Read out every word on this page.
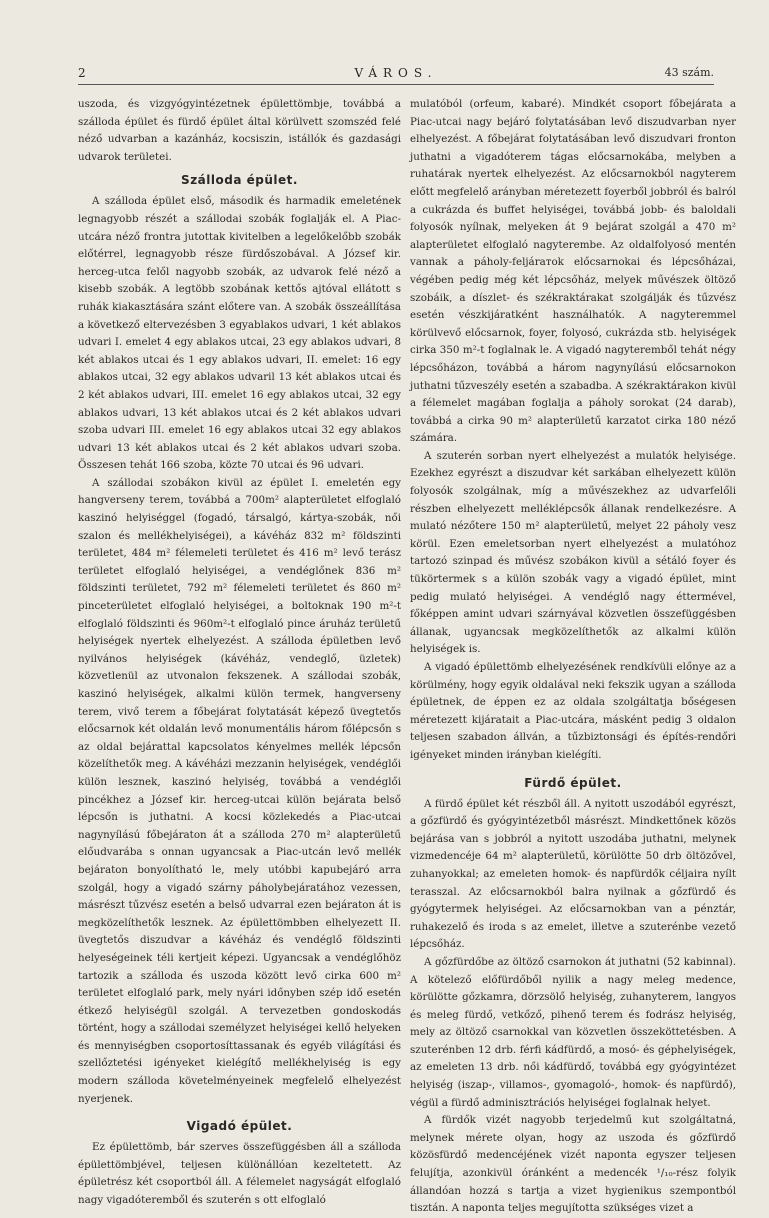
2	VÁROS.	43 szám.

uszoda, és vizgyógyintézetnek épülettömbje, továbbá a szálloda épület és fürdő épület által körülvett szomszéd felé néző udvarban a kazánház, kocsiszin, istállók és gazdasági udvarok területei.

Szálloda épület.

A szálloda épület első, második és harmadik emeletének legnagyobb részét a szállodai szobák foglalják el. A Piac-utcára néző frontra jutottak kivitelben a legelőkelőbb szobák előtérrel, legnagyobb része fürdőszobával. A József kir. herceg-utca felől nagyobb szobák, az udvarok felé néző a kisebb szobák. A legtöbb szobának kettős ajtóval ellátott s ruhák kiakasztására szánt előtere van. A szobák összeállítása a következő eltervezésben 3 egyablakos udvari, 1 két ablakos udvari I. emelet 4 egy ablakos utcai, 23 egy ablakos udvari, 8 két ablakos utcai és 1 egy ablakos udvari, II. emelet: 16 egy ablakos utcai, 32 egy ablakos udvaril 13 két ablakos utcai és 2 két ablakos udvari, III. emelet 16 egy ablakos utcai, 32 egy ablakos udvari, 13 két ablakos utcai és 2 két ablakos udvari szoba udvari III. emelet 16 egy ablakos utcai 32 egy ablakos udvari 13 két ablakos utcai és 2 két ablakos udvari szoba. Összesen tehát 166 szoba, közte 70 utcai és 96 udvari.

A szállodai szobákon kivül az épület I. emeletén egy hangverseny terem, továbbá a 700m² alapterületet elfoglaló kaszinó helyiséggel (fogadó, társalgó, kártya-szobák, női szalon és mellékhelyiségei), a kávéház 832 m² földszinti területet, 484 m² félemeleti területet és 416 m² levő terász területet elfoglaló helyiségei, a vendéglőnek 836 m² földszinti területet, 792 m² félemeleti területet és 860 m² pinceterületet elfoglaló helyiségei, a boltoknak 190 m²-t elfoglaló földszinti és 960m²-t elfoglaló pince áruház területű helyiségek nyertek elhelyezést. A szálloda épületben levő nyilvános helyiségek (kávéház, vendeglő, üzletek) közvetlenül az utvonalon fekszenek. A szállodai szobák, kaszinó helyiségek, alkalmi külön termek, hangverseny terem, vivő terem a főbejárat folytatását képező üvegtetős előcsarnok két oldalán levő monumentális három főlépcsőn s az oldal bejárattal kapcsolatos kényelmes mellék lépcsőn közelíthetők meg. A kávéházi mezzanin helyiségek, vendéglői külön lesznek, kaszinó helyiség, továbbá a vendéglői pincékhez a József kir. herceg-utcai külön bejárata belső lépcsőn is juthatni. A kocsi közlekedés a Piac-utcai nagynyílású főbejáraton át a szálloda 270 m² alapterületű előudvarába s onnan ugyancsak a Piac-utcán levő mellék bejáraton bonyolítható le, mely utóbbi kapubejáró arra szolgál, hogy a vigadó szárny páholybejáratához vezessen, másrészt tűzvész esetén a belső udvarral ezen bejáraton át is megközelíthetők lesznek. Az épülettömbben elhelyezett II. üvegtetős diszudvar a kávéház és vendéglő földszinti helyeségeinek téli kertjeit képezi. Ugyancsak a vendéglőhöz tartozik a szálloda és uszoda között levő cirka 600 m² területet elfoglaló park, mely nyári időnyben szép idő esetén étkező helyiségül szolgál. A tervezetben gondoskodás történt, hogy a szállodai személyzet helyiségei kellő helyeken és mennyiségben csoportosíttassanak és egyéb világítási és szellőztetési igényeket kielégítő mellékhelyiség is egy modern szálloda követelményeinek megfelelő elhelyezést nyerjenek.

Vigadó épület.

Ez épülettömb, bár szerves összefüggésben áll a szálloda épülettömbjével, teljesen különállóan kezeltetett. Az épületrész két csoportból áll. A félemelet nagyságát elfoglaló nagy vigadóteremből és szuterén s ott elfoglaló

mulatóból (orfeum, kabaré). Mindkét csoport főbejárata a Piac-utcai nagy bejáró folytatásában levő diszudvarban nyer elhelyezést. A főbejárat folytatásában levő diszudvari fronton juthatni a vigadóterem tágas előcsarnokába, melyben a ruhatárak nyertek elhelyezést. Az előcsarnokból nagyterem előtt megfelelő arányban méretezett foyerből jobbról és balról a cukrázda és buffet helyiségei, továbbá jobb- és baloldali folyosók nyílnak, melyeken át 9 bejárat szolgál a 470 m² alapterületet elfoglaló nagyterembe. Az oldalfolyosó mentén vannak a páholy-feljárатok előcsarnokai és lépcsőházai, végében pedig még két lépcsőház, melyek művészek öltöző szobáik, a díszlet- és székraktárakat szolgálják és tűzvész esetén vészkijáratként használhatók. A nagyteremmel körülvevő előcsarnok, foyer, folyosó, cukrázda stb. helyiségek cirka 350 m²-t foglalnak le. A vigadó nagyteremből tehát négy lépcsőházon, továbbá a három nagynyílású előcsarnokon juthatni tűzveszély esetén a szabadba. A székraktárakon kivül a félemelet magában foglalja a páholy sorokat (24 darab), továbbá a cirka 90 m² alapterületű karzatot cirka 180 néző számára.

A szuterén sorban nyert elhelyezést a mulatók helyisége. Ezekhez egyrészt a diszudvar két sarkában elhelyezett külön folyosók szolgálnak, míg a művészekhez az udvarfelőli részben elhelyezett melléklépcsők állanak rendelkezésre. A mulató nézőtere 150 m² alapterületű, melyet 22 páholy vesz körül. Ezen emeletsorban nyert elhelyezést a mulatóhoz tartozó szinpad és művész szobákon kivül a sétáló foyer és tükörtermek s a külön szobák vagy a vigadó épület, mint pedig mulató helyiségei. A vendéglő nagy éttermével, főképpen amint udvari szárnyával közvetlen összefüggésben állanak, ugyancsak megközelíthetők az alkalmi külön helyiségek is.

A vigadó épülettömb elhelyezésének rendkívüli előnye az a körülmény, hogy egyik oldalával neki fekszik ugyan a szálloda épületnek, de éppen ez az oldala szolgáltatja bőségesen méretezett kijáratait a Piac-utcára, másként pedig 3 oldalon teljesen szabadon állván, a tűzbiztonsági és építés-rendőri igényeket minden irányban kielégíti.

Fürdő épület.

A fürdő épület két részből áll. A nyitott uszodából egyrészt, a gőzfürdő és gyógyintézetből másrészt. Mindkettőnek közös bejárása van s jobbról a nyitott uszodába juthatni, melynek vizmedencéje 64 m² alapterületű, körülötte 50 drb öltözővel, zuhanyokkal; az emeleten homok- és napfürdők céljaira nyílt terasszal. Az előcsarnokból balra nyilnak a gőzfürdő és gyógytermek helyiségei. Az előcsarnokban van a pénztár, ruhakezelő és iroda s az emelet, illetve a szuterénbe vezető lépcsőház.

A gőzfürdőbe az öltöző csarnokon át juthatni (52 kabinnal). A kötelező előfürdőből nyilik a nagy meleg medence, körülötte gőzkamra, dörzsölő helyiség, zuhanyterem, langyos és meleg fürdő, vetkőző, pihenő terem és fodrász helyiség, mely az öltöző csarnokkal van közvetlen összeköttetésben. A szuterénben 12 drb. férfi kádfürdő, a mosó- és géphelyiségek, az emeleten 13 drb. női kádfürdő, továbbá egy gyógyintézet helyiség (iszap-, villamos-, gyomagoló-, homok- és napfürdő), végül a fürdő adminisztrációs helyiségei foglalnak helyet.

A fürdők vizét nagyobb terjedelmű kut szolgáltatná, melynek mérete olyan, hogy az uszoda és gőzfürdő közösfürdő medencéjének vizét naponta egyszer teljesen felujítja, azonkivül óránként a medencék ¹/₁₀-rész folyik állandóan hozzá s tartja a vizet hygienikus szempontból tisztán. A naponta teljes megujította szükséges vizet a
